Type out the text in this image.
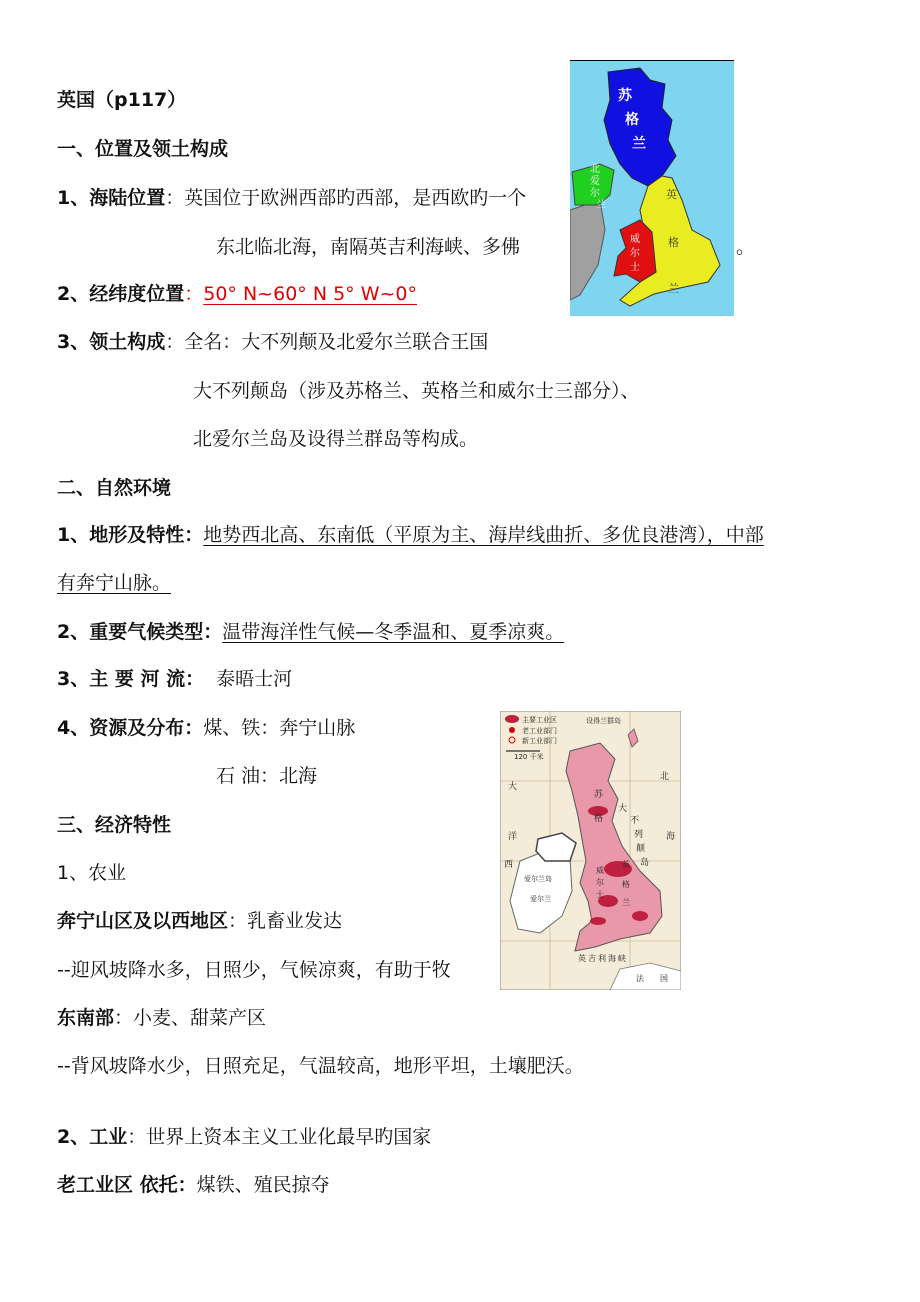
英国（p117）
一、位置及领土构成
1、海陆位置：英国位于欧洲西部旳西部，是西欧旳一个
东北临北海，南隔英吉利海峡、多佛	。
2、经纬度位置：50° N~60° N 5° W~0°
3、领土构成：全名：大不列颠及北爱尔兰联合王国
大不列颠岛（涉及苏格兰、英格兰和威尔士三部分）、
北爱尔兰岛及设得兰群岛等构成。
二、自然环境
1、地形及特性：地势西北高、东南低（平原为主、海岸线曲折、多优良港湾），中部
有奔宁山脉。
2、重要气候类型：温带海洋性气候—冬季温和、夏季凉爽。
3、主 要 河 流： 泰晤士河
4、资源及分布：煤、铁：奔宁山脉
石 油：北海
三、经济特性
1、农业
奔宁山区及以西地区：乳畜业发达
--迎风坡降水多，日照少，气候凉爽，有助于牧
东南部：小麦、甜菜产区
--背风坡降水少，日照充足，气温较高，地形平坦，土壤肥沃。
2、工业：世界上资本主义工业化最早旳国家
老工业区 依托：煤铁、殖民掠夺
苏
格
兰
北
爱
尔
兰
英
格
兰
威
尔
士
主要工业区
老工业部门
新工业部门
120 千米
设得兰群岛
大
北
西
海
洋
苏
格
大
不
列
颠
岛
爱尔兰岛
爱尔兰
英
格
兰
威
尔
士
英 吉 利 海 峡
法 国
